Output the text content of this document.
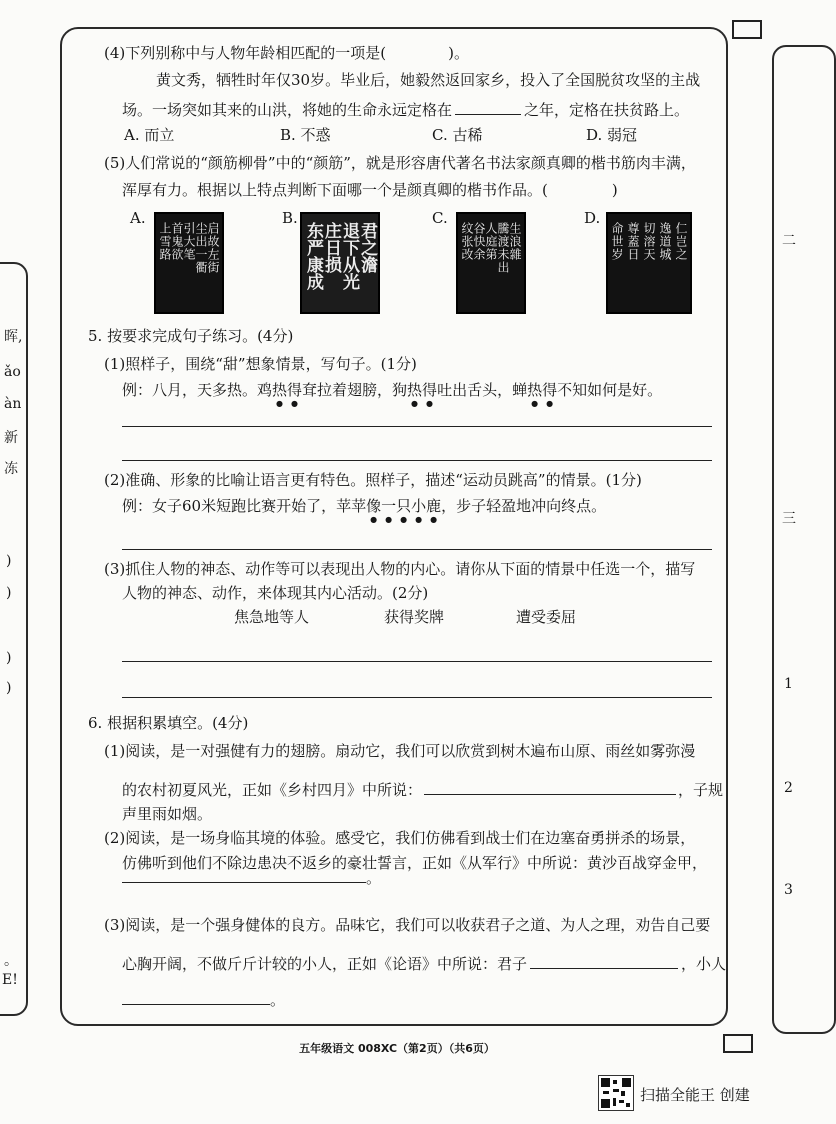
晖,
ǎo
àn
新
冻
)
)
)
)
。
E!
二
三
1
2
3
(4)下列别称中与人物年龄相匹配的一项是(	)。
黄文秀，牺牲时年仅30岁。毕业后，她毅然返回家乡，投入了全国脱贫攻坚的主战
场。一场突如其来的山洪，将她的生命永远定格在	之年，定格在扶贫路上。
A. 而立	B. 不惑	C. 古稀	D. 弱冠
(5)人们常说的“颜筋柳骨”中的“颜筋”，就是形容唐代著名书法家颜真卿的楷书筋肉丰满，
浑厚有力。根据以上特点判断下面哪一个是颜真卿的楷书作品。(	)
A.
启故左街
尘出一衢
引大笔
首鬼欲
上雪路
B.
君之澹
退下从光
庄日损
东严康成
C.
生浪雜
騰渡未出
人庭第
谷快余
纹张改
D.
仁岂之
逸道城
切溶天
尊蓋日
命世岁
5. 按要求完成句子练习。(4分)
(1)照样子，围绕“甜”想象情景，写句子。(1分)
例：八月，天多热。鸡热得耷拉着翅膀，狗热得吐出舌头，蝉热得不知如何是好。
(2)准确、形象的比喻让语言更有特色。照样子，描述“运动员跳高”的情景。(1分)
例：女子60米短跑比赛开始了，苹苹像一只小鹿，步子轻盈地冲向终点。
(3)抓住人物的神态、动作等可以表现出人物的内心。请你从下面的情景中任选一个，描写
人物的神态、动作，来体现其内心活动。(2分)
焦急地等人	获得奖牌	遭受委屈
6. 根据积累填空。(4分)
(1)阅读，是一对强健有力的翅膀。扇动它，我们可以欣赏到树木遍布山原、雨丝如雾弥漫
的农村初夏风光，正如《乡村四月》中所说：	，子规
声里雨如烟。
(2)阅读，是一场身临其境的体验。感受它，我们仿佛看到战士们在边塞奋勇拼杀的场景，
仿佛听到他们不除边患决不返乡的豪壮誓言，正如《从军行》中所说：黄沙百战穿金甲，
。
(3)阅读，是一个强身健体的良方。品味它，我们可以收获君子之道、为人之理，劝告自己要
心胸开阔，不做斤斤计较的小人，正如《论语》中所说：君子	，小人
。
五年级语文 008XC（第2页）（共6页）
扫描全能王 创建
